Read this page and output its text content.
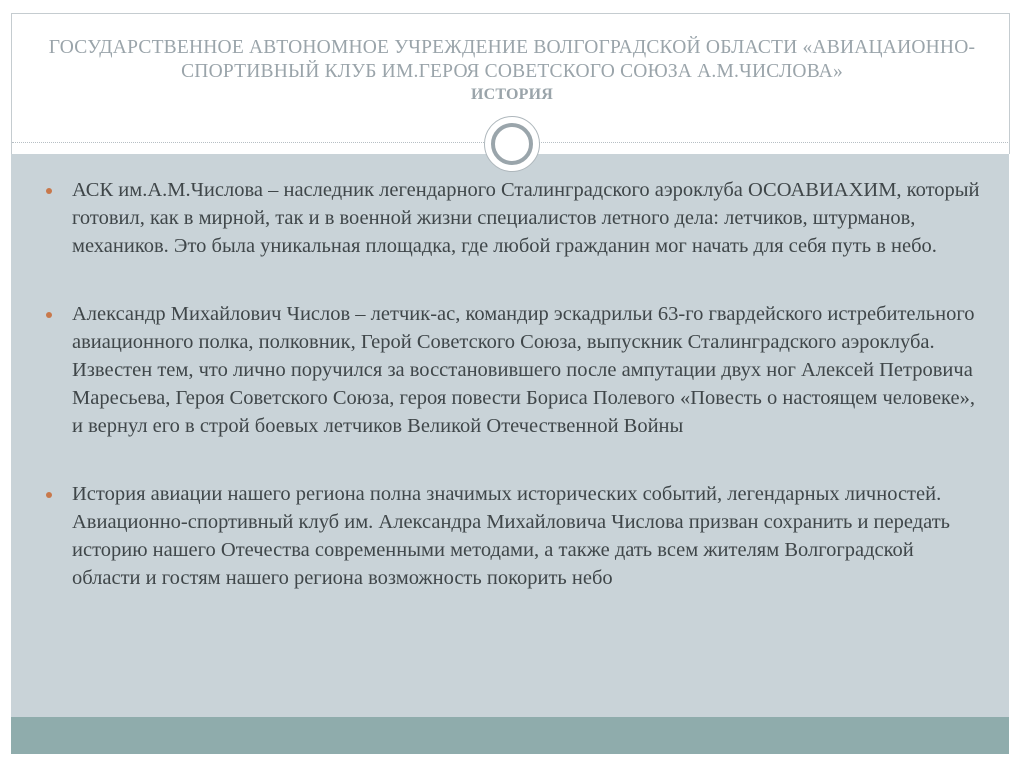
ГОСУДАРСТВЕННОЕ АВТОНОМНОЕ УЧРЕЖДЕНИЕ ВОЛГОГРАДСКОЙ ОБЛАСТИ «АВИАЦАИОННО-СПОРТИВНЫЙ КЛУБ ИМ.ГЕРОЯ СОВЕТСКОГО СОЮЗА А.М.ЧИСЛОВА»
ИСТОРИЯ
АСК им.А.М.Числова – наследник легендарного Сталинградского аэроклуба ОСОАВИАХИМ, который готовил, как в мирной, так и в военной жизни специалистов летного дела: летчиков, штурманов, механиков. Это была уникальная площадка, где любой гражданин мог начать для себя путь в небо.
Александр Михайлович Числов – летчик-ас, командир эскадрильи 63-го гвардейского истребительного авиационного полка, полковник, Герой Советского Союза, выпускник Сталинградского аэроклуба. Известен тем, что лично поручился за восстановившего после ампутации двух ног Алексей Петровича Маресьева, Героя Советского Союза, героя повести Бориса Полевого «Повесть о настоящем человеке», и вернул его в строй боевых летчиков Великой Отечественной Войны
История авиации нашего региона полна значимых исторических событий, легендарных личностей. Авиационно-спортивный клуб им. Александра Михайловича Числова призван сохранить и передать историю нашего Отечества современными методами, а также дать всем жителям Волгоградской области и гостям нашего региона возможность покорить небо
